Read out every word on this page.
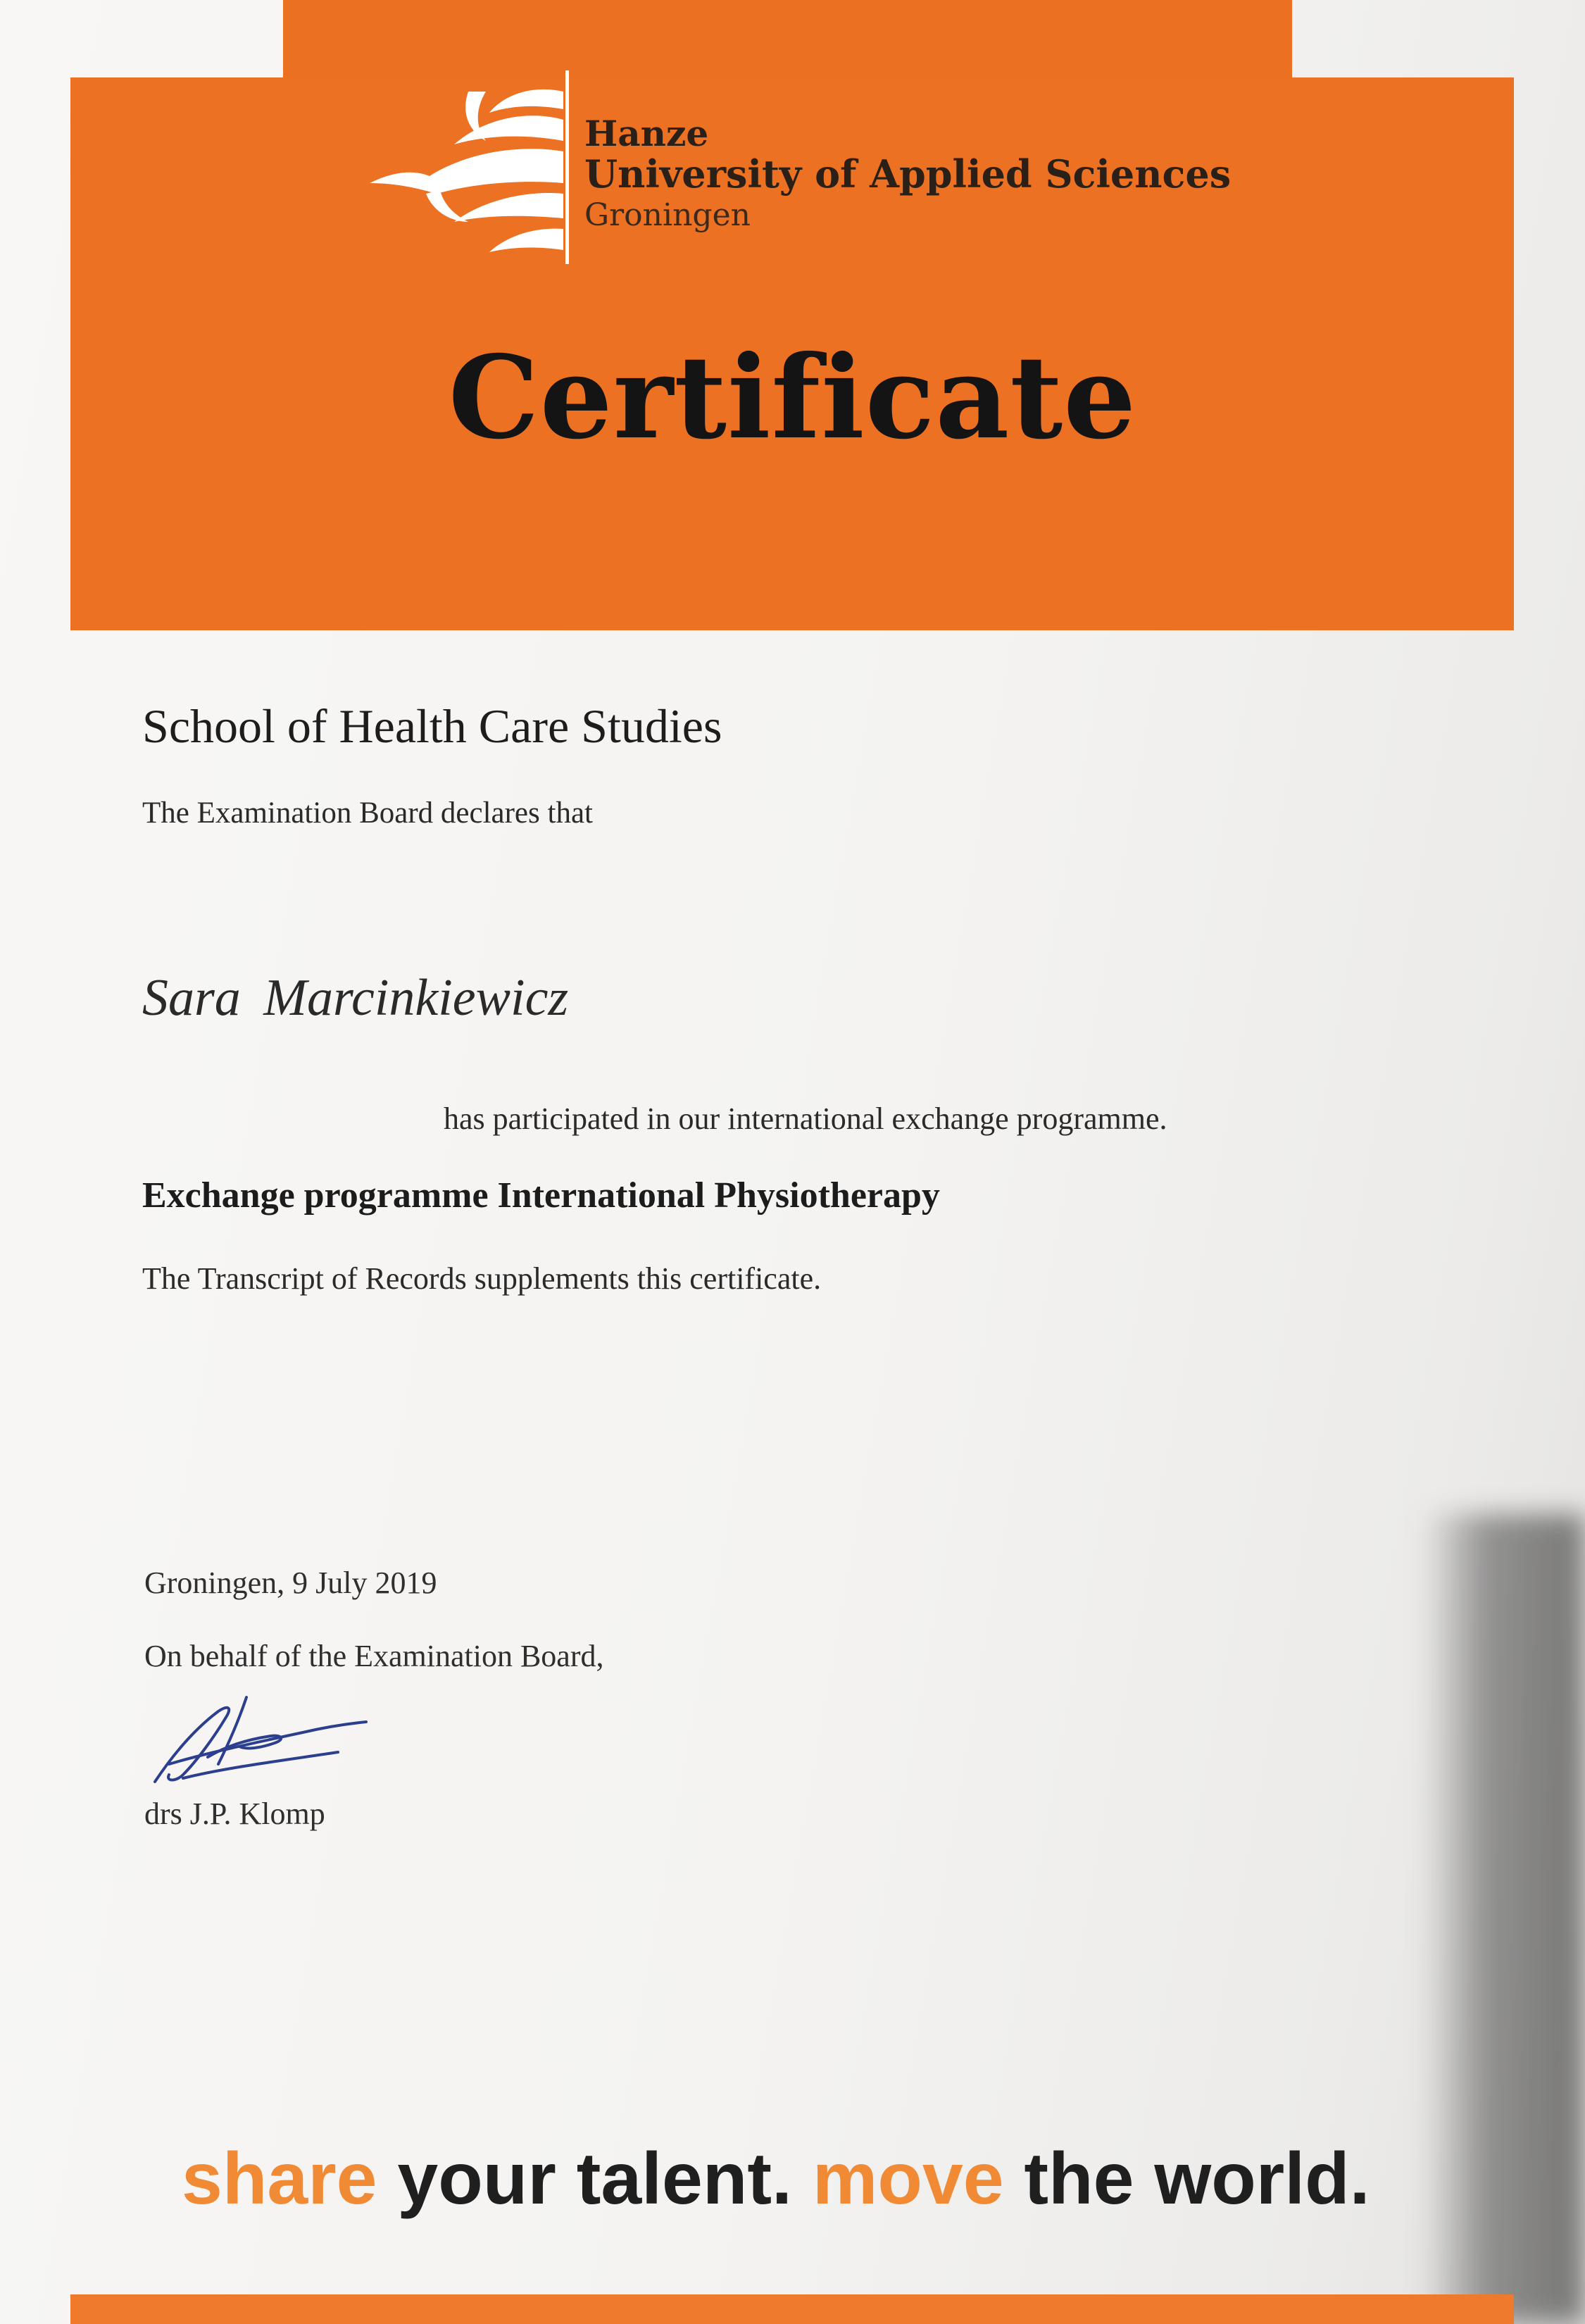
Hanze
University of Applied Sciences
Groningen
Certificate
School of Health Care Studies
The Examination Board declares that
Sara Marcinkiewicz
has participated in our international exchange programme.
Exchange programme International Physiotherapy
The Transcript of Records supplements this certificate.
Groningen, 9 July 2019
On behalf of the Examination Board,
drs J.P. Klomp
share your talent. move the world.
